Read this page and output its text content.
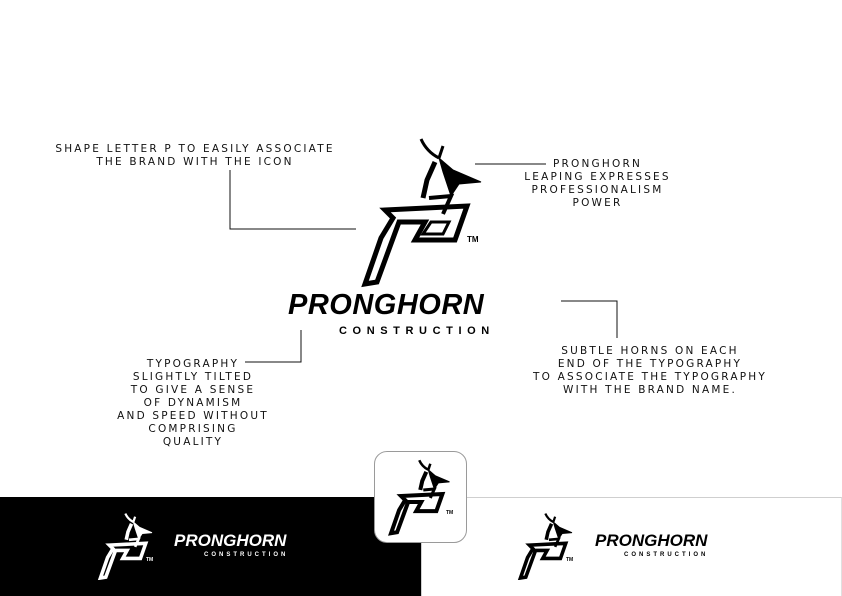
SHAPE LETTER P TO EASILY ASSOCIATE
THE BRAND WITH THE ICON	PRONGHORN
LEAPING EXPRESSES
PROFESSIONALISM
POWER
TYPOGRAPHY
SLIGHTLY TILTED
TO GIVE A SENSE
OF DYNAMISM
AND SPEED WITHOUT
COMPRISING
QUALITY
SUBTLE HORNS ON EACH
END OF THE TYPOGRAPHY
TO ASSOCIATE THE TYPOGRAPHY
WITH THE BRAND NAME.
TM
PRONGHORN
CONSTRUCTION
TM
PRONGHORN
CONSTRUCTION
TM
PRONGHORN
CONSTRUCTION
TM
